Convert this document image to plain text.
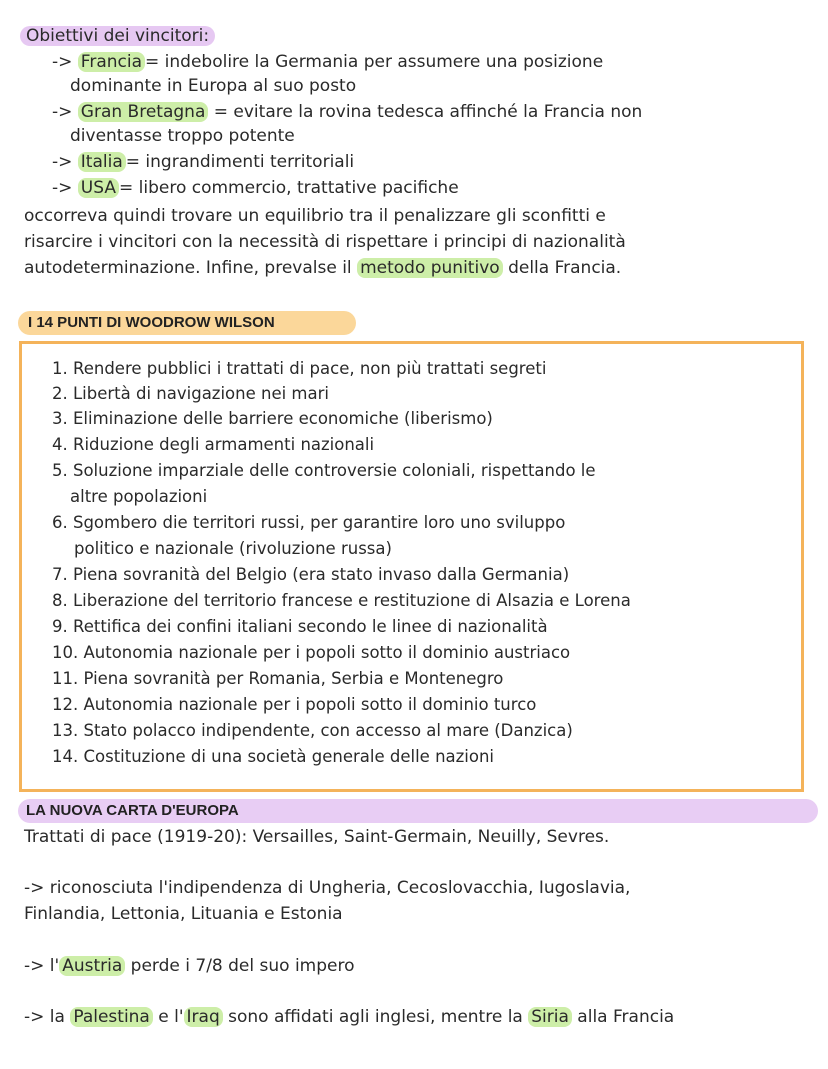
Obiettivi dei vincitori:
-> Francia = indebolire la Germania per assumere una posizione
dominante in Europa al suo posto
-> Gran Bretagna = evitare la rovina tedesca affinché la Francia non
diventasse troppo potente
-> Italia = ingrandimenti territoriali
-> USA = libero commercio, trattative pacifiche
occorreva quindi trovare un equilibrio tra il penalizzare gli sconfitti e
risarcire i vincitori con la necessità di rispettare i principi di nazionalità
autodeterminazione. Infine, prevalse il metodo punitivo della Francia.
I 14 PUNTI DI WOODROW WILSON
1. Rendere pubblici i trattati di pace, non più trattati segreti
2. Libertà di navigazione nei mari
3. Eliminazione delle barriere economiche (liberismo)
4. Riduzione degli armamenti nazionali
5. Soluzione imparziale delle controversie coloniali, rispettando le
altre popolazioni
6. Sgombero die territori russi, per garantire loro uno sviluppo
politico e nazionale (rivoluzione russa)
7. Piena sovranità del Belgio (era stato invaso dalla Germania)
8. Liberazione del territorio francese e restituzione di Alsazia e Lorena
9. Rettifica dei confini italiani secondo le linee di nazionalità
10. Autonomia nazionale per i popoli sotto il dominio austriaco
11. Piena sovranità per Romania, Serbia e Montenegro
12. Autonomia nazionale per i popoli sotto il dominio turco
13. Stato polacco indipendente, con accesso al mare (Danzica)
14. Costituzione di una società generale delle nazioni
LA NUOVA CARTA D'EUROPA
Trattati di pace (1919-20): Versailles, Saint-Germain, Neuilly, Sevres.
-> riconosciuta l'indipendenza di Ungheria, Cecoslovacchia, Iugoslavia,
Finlandia, Lettonia, Lituania e Estonia
-> l' Austria perde i 7/8 del suo impero
-> la Palestina e l' Iraq sono affidati agli inglesi, mentre la Siria alla Francia
